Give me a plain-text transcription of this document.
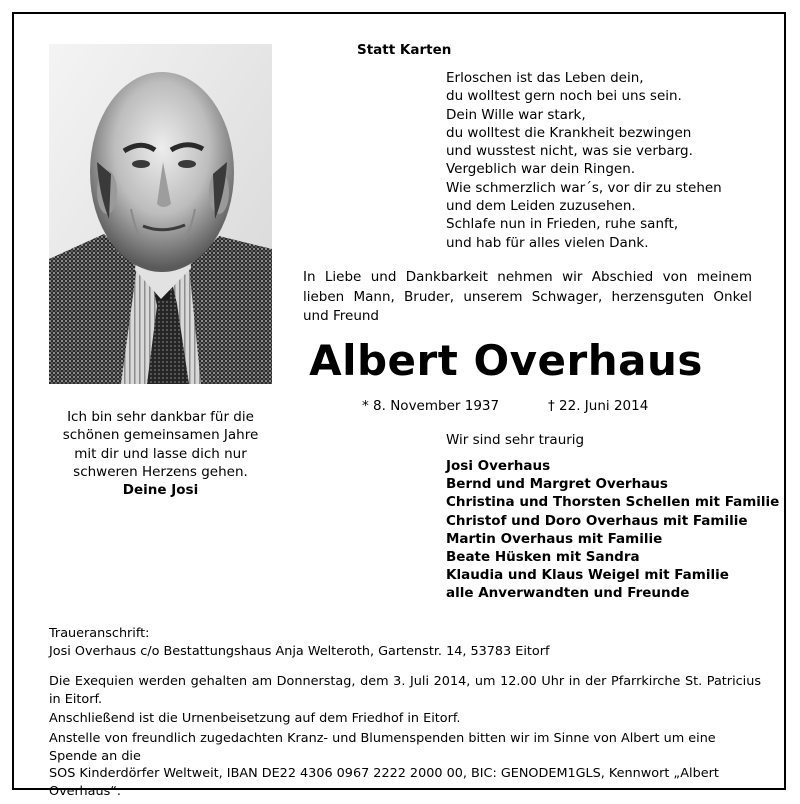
Statt Karten

Erloschen ist das Leben dein,
du wolltest gern noch bei uns sein.
Dein Wille war stark,
du wolltest die Krankheit bezwingen
und wusstest nicht, was sie verbarg.
Vergeblich war dein Ringen.
Wie schmerzlich war´s, vor dir zu stehen
und dem Leiden zuzusehen.
Schlafe nun in Frieden, ruhe sanft,
und hab für alles vielen Dank.

In Liebe und Dankbarkeit nehmen wir Abschied von meinem lieben Mann, Bruder, unserem Schwager, herzensguten Onkel und Freund

Albert Overhaus
* 8. November 1937	† 22. Juni 2014
Ich bin sehr dankbar für die
schönen gemeinsamen Jahre
mit dir und lasse dich nur
schweren Herzens gehen.
Deine Josi
Wir sind sehr traurig
Josi Overhaus
Bernd und Margret Overhaus
Christina und Thorsten Schellen mit Familie
Christof und Doro Overhaus mit Familie
Martin Overhaus mit Familie
Beate Hüsken mit Sandra
Klaudia und Klaus Weigel mit Familie
alle Anverwandten und Freunde
Traueranschrift:
Josi Overhaus c/o Bestattungshaus Anja Welteroth, Gartenstr. 14, 53783 Eitorf

Die Exequien werden gehalten am Donnerstag, dem 3. Juli 2014, um 12.00 Uhr in der Pfarrkirche St. Patricius in Eitorf.

Anschließend ist die Urnenbeisetzung auf dem Friedhof in Eitorf.

Anstelle von freundlich zugedachten Kranz- und Blumenspenden bitten wir im Sinne von Albert um eine Spende an die
SOS Kinderdörfer Weltweit, IBAN DE22 4306 0967 2222 2000 00, BIC: GENODEM1GLS, Kennwort „Albert Overhaus“.
